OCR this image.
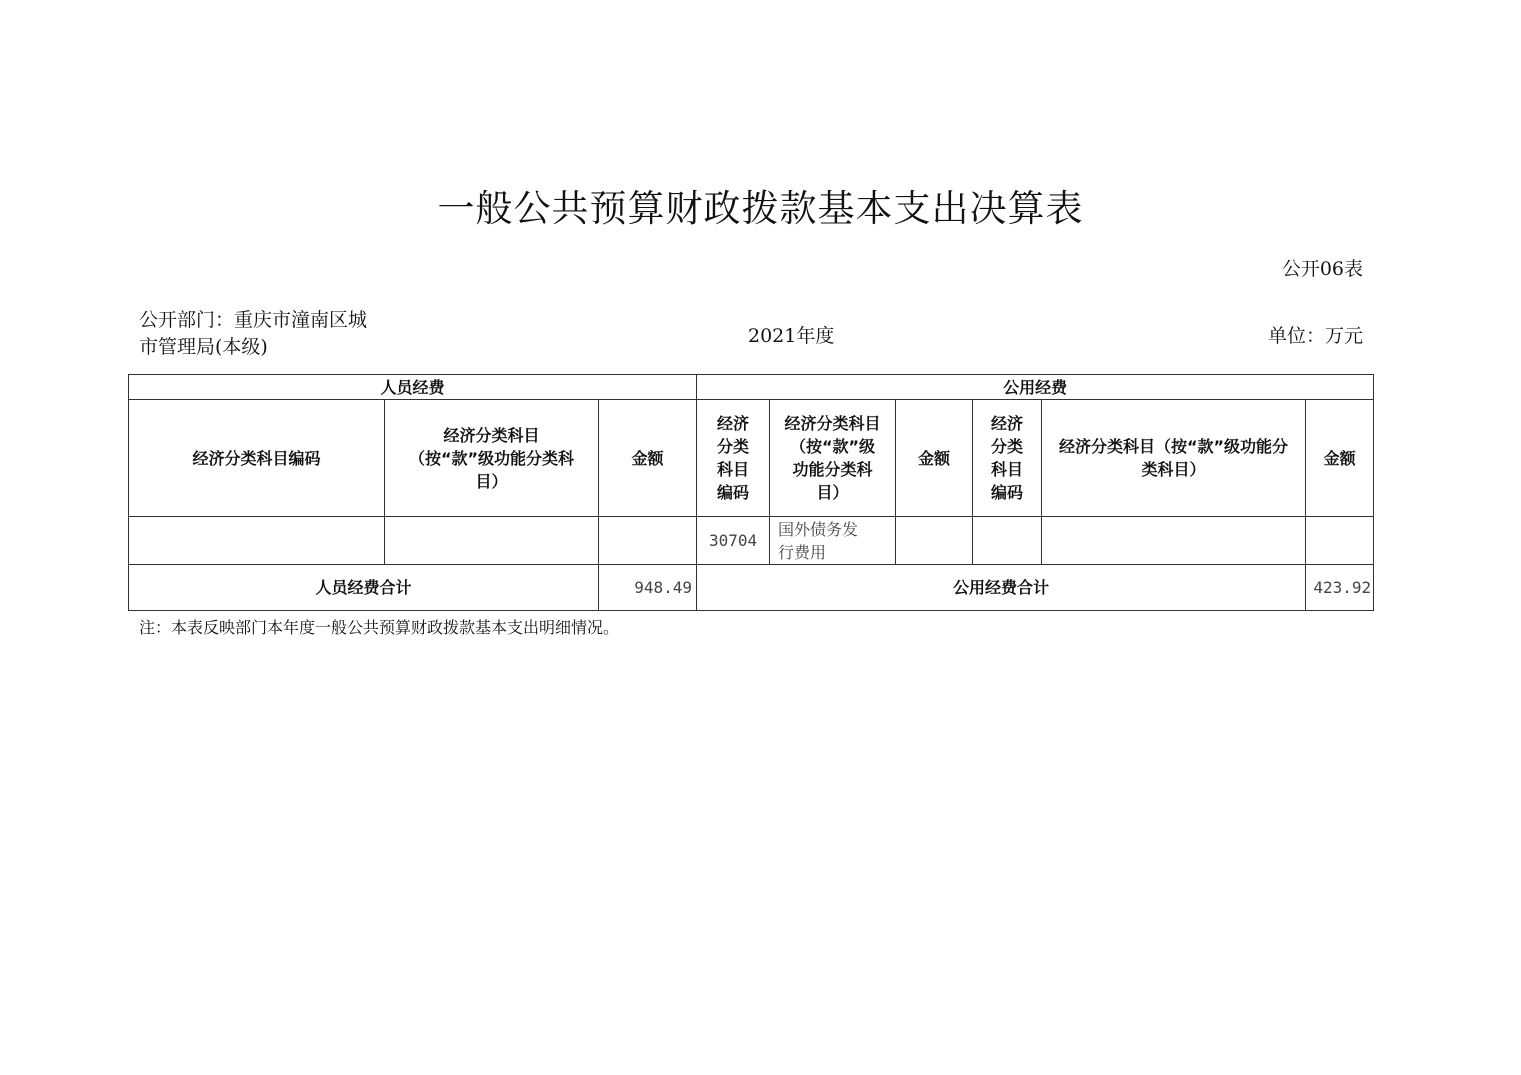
一般公共预算财政拨款基本支出决算表
公开06表
公开部门：重庆市潼南区城市管理局(本级)	2021年度	单位：万元
人员经费			公用经费					
经济分类科目编码	经济分类科目（按“款”级功能分类科目）	金额	经济分类科目编码	经济分类科目（按“款”级功能分类科目）	金额	经济分类科目编码	经济分类科目（按“款”级功能分类科目）	金额
			30704	国外债务发行费用				
人员经费合计		948.49	公用经费合计					423.92
注：本表反映部门本年度一般公共预算财政拨款基本支出明细情况。
